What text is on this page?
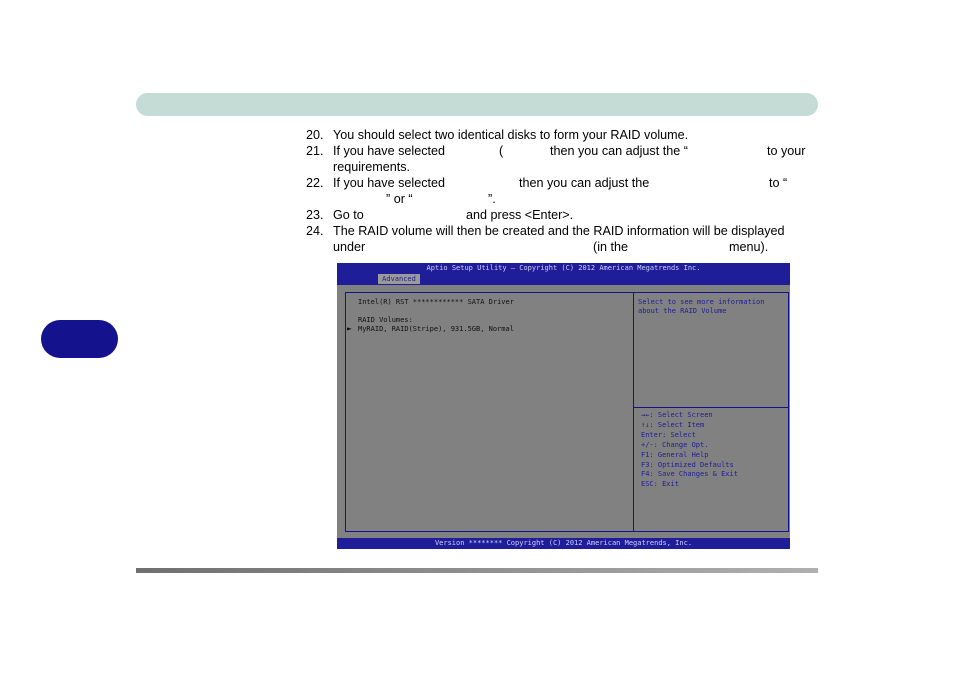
20. You should select two identical disks to form your RAID volume.
21. If you have selected	(	then you can adjust the “	to your
requirements.
22. If you have selected	then you can adjust the	to “
” or “	”.
23. Go to	and press <Enter>.
24. The RAID volume will then be created and the RAID information will be displayed
under	(in the	menu).
Aptio Setup Utility – Copyright (C) 2012 American Megatrends Inc.
Advanced
Intel(R) RST ************ SATA Driver
RAID Volumes:
► MyRAID, RAID(Stripe), 931.5GB, Normal
Select to see more information
about the RAID Volume
→←: Select Screen
↑↓: Select Item
Enter: Select
+/-: Change Opt.
F1: General Help
F3: Optimized Defaults
F4: Save Changes & Exit
ESC: Exit
Version ******** Copyright (C) 2012 American Megatrends, Inc.
